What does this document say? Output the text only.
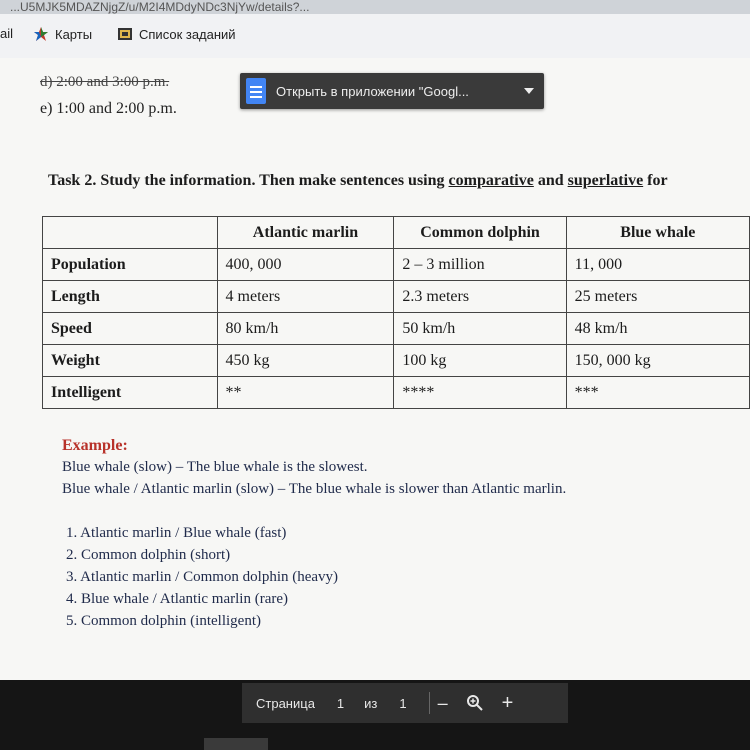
...U5MJK5MDAZNjgZ/u/M2I4MDdyNDc3NjYw/details?...
ail	Карты	Список заданий
d) 2:00 and 3:00 p.m.
e) 1:00 and 2:00 p.m.
Открыть в приложении "Googl...
Task 2. Study the information. Then make sentences using comparative and superlative for
	Atlantic marlin	Common dolphin	Blue whale
Population	400, 000	2 – 3 million	11, 000
Length	4 meters	2.3 meters	25 meters
Speed	80 km/h	50 km/h	48 km/h
Weight	450 kg	100 kg	150, 000 kg
Intelligent	**	****	***
Example:
Blue whale (slow) – The blue whale is the slowest.
Blue whale / Atlantic marlin (slow) – The blue whale is slower than Atlantic marlin.
1. Atlantic marlin / Blue whale (fast)
2. Common dolphin (short)
3. Atlantic marlin / Common dolphin (heavy)
4. Blue whale / Atlantic marlin (rare)
5. Common dolphin (intelligent)
Страница 1 из 1 –	+
